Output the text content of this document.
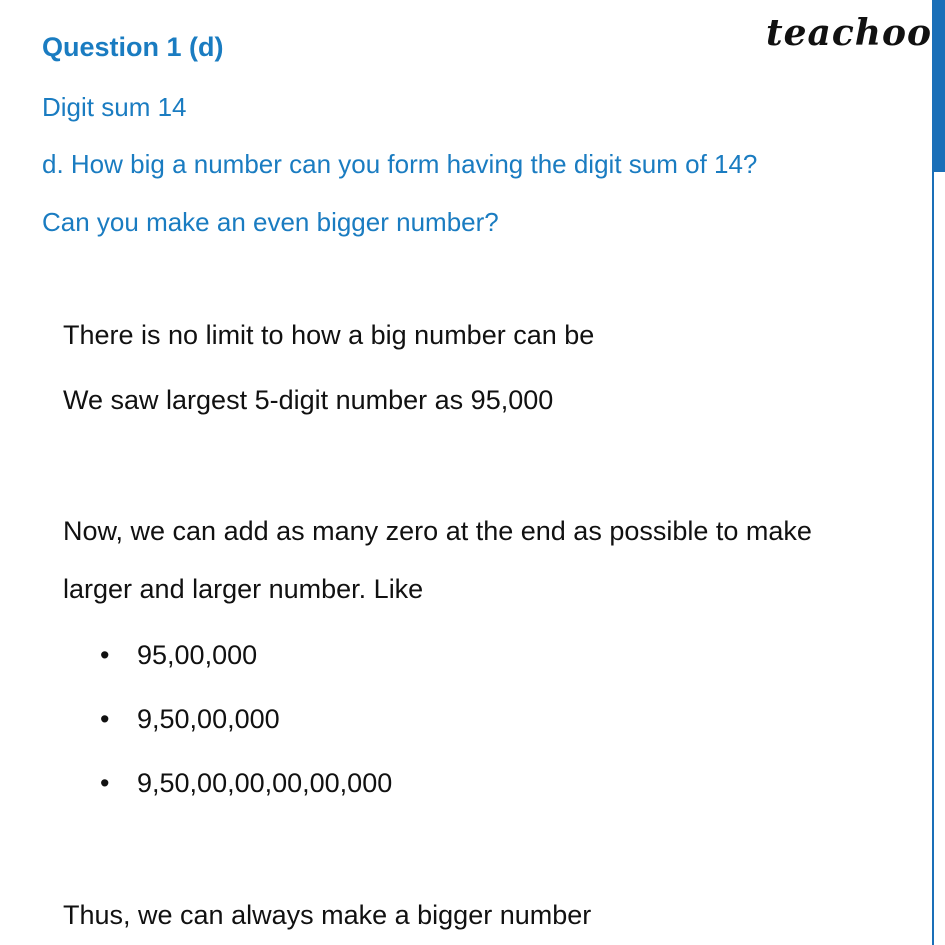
teachoo
Question 1 (d)
Digit sum 14
d. How big a number can you form having the digit sum of 14?
Can you make an even bigger number?
There is no limit to how a big number can be
We saw largest 5-digit number as 95,000
Now, we can add as many zero at the end as possible to make
larger and larger number. Like
• 95,00,000
• 9,50,00,000
• 9,50,00,00,00,00,000
Thus, we can always make a bigger number
